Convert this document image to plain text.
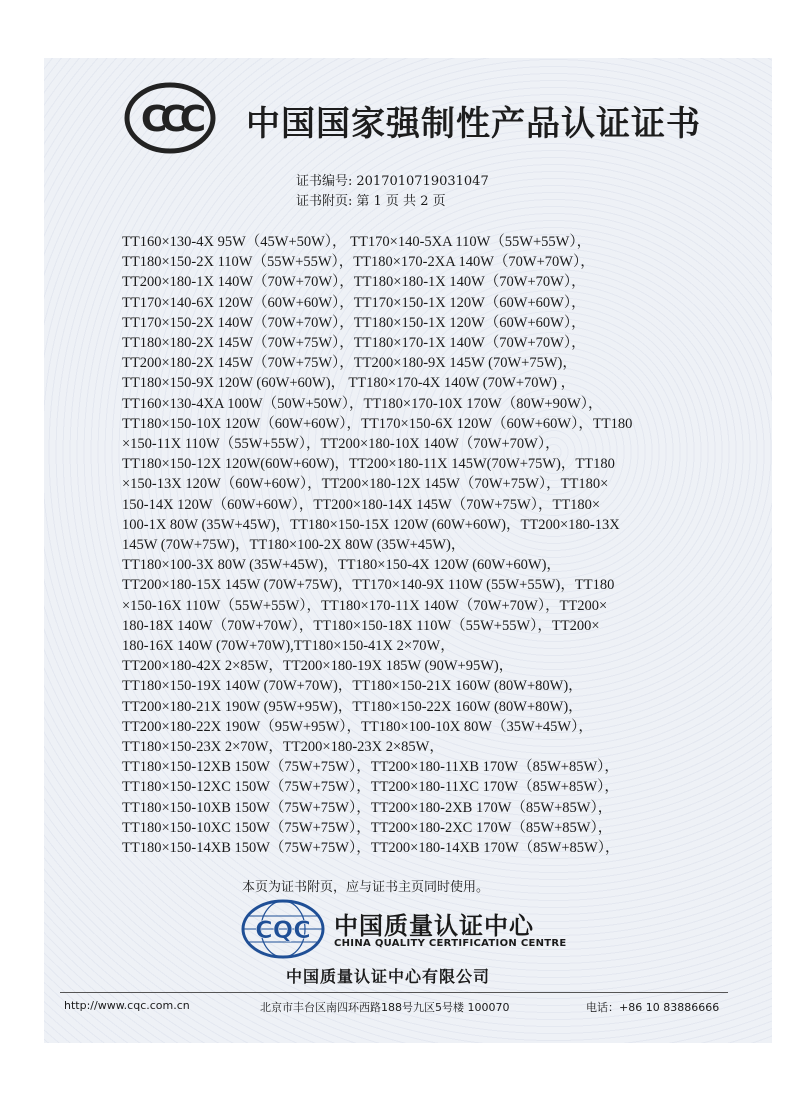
CCC 中国国家强制性产品认证证书
证书编号: 2017010719031047
证书附页: 第 1 页 共 2 页
TT160×130-4X 95W（45W+50W）， TT170×140-5XA 110W（55W+55W），
TT180×150-2X 110W（55W+55W），TT180×170-2XA 140W（70W+70W），
TT200×180-1X 140W（70W+70W），TT180×180-1X 140W（70W+70W），
TT170×140-6X 120W（60W+60W），TT170×150-1X 120W（60W+60W），
TT170×150-2X 140W（70W+70W），TT180×150-1X 120W（60W+60W），
TT180×180-2X 145W（70W+75W），TT180×170-1X 140W（70W+70W），
TT200×180-2X 145W（70W+75W），TT200×180-9X 145W (70W+75W)，
TT180×150-9X 120W (60W+60W)， TT180×170-4X 140W (70W+70W) ，
TT160×130-4XA 100W（50W+50W），TT180×170-10X 170W（80W+90W），
TT180×150-10X 120W（60W+60W），TT170×150-6X 120W（60W+60W），TT180
×150-11X 110W（55W+55W），TT200×180-10X 140W（70W+70W），
TT180×150-12X 120W(60W+60W)，TT200×180-11X 145W(70W+75W)，TT180
×150-13X 120W（60W+60W），TT200×180-12X 145W（70W+75W），TT180×
150-14X 120W（60W+60W），TT200×180-14X 145W（70W+75W），TT180×
100-1X 80W (35W+45W)，TT180×150-15X 120W (60W+60W)，TT200×180-13X
145W (70W+75W)，TT180×100-2X 80W (35W+45W)，
TT180×100-3X 80W (35W+45W)，TT180×150-4X 120W (60W+60W)，
TT200×180-15X 145W (70W+75W)，TT170×140-9X 110W (55W+55W)，TT180
×150-16X 110W（55W+55W），TT180×170-11X 140W（70W+70W），TT200×
180-18X 140W（70W+70W），TT180×150-18X 110W（55W+55W），TT200×
180-16X 140W (70W+70W),TT180×150-41X 2×70W，
TT200×180-42X 2×85W，TT200×180-19X 185W (90W+95W)，
TT180×150-19X 140W (70W+70W)，TT180×150-21X 160W (80W+80W)，
TT200×180-21X 190W (95W+95W)，TT180×150-22X 160W (80W+80W)，
TT200×180-22X 190W（95W+95W），TT180×100-10X 80W（35W+45W），
TT180×150-23X 2×70W，TT200×180-23X 2×85W，
TT180×150-12XB 150W（75W+75W），TT200×180-11XB 170W（85W+85W），
TT180×150-12XC 150W（75W+75W），TT200×180-11XC 170W（85W+85W），
TT180×150-10XB 150W（75W+75W），TT200×180-2XB 170W（85W+85W），
TT180×150-10XC 150W（75W+75W），TT200×180-2XC 170W（85W+85W），
TT180×150-14XB 150W（75W+75W），TT200×180-14XB 170W（85W+85W），
本页为证书附页，应与证书主页同时使用。
CQC 中国质量认证中心
CHINA QUALITY CERTIFICATION CENTRE
中国质量认证中心有限公司
http://www.cqc.com.cn	北京市丰台区南四环西路188号九区5号楼 100070	电话：+86 10 83886666
